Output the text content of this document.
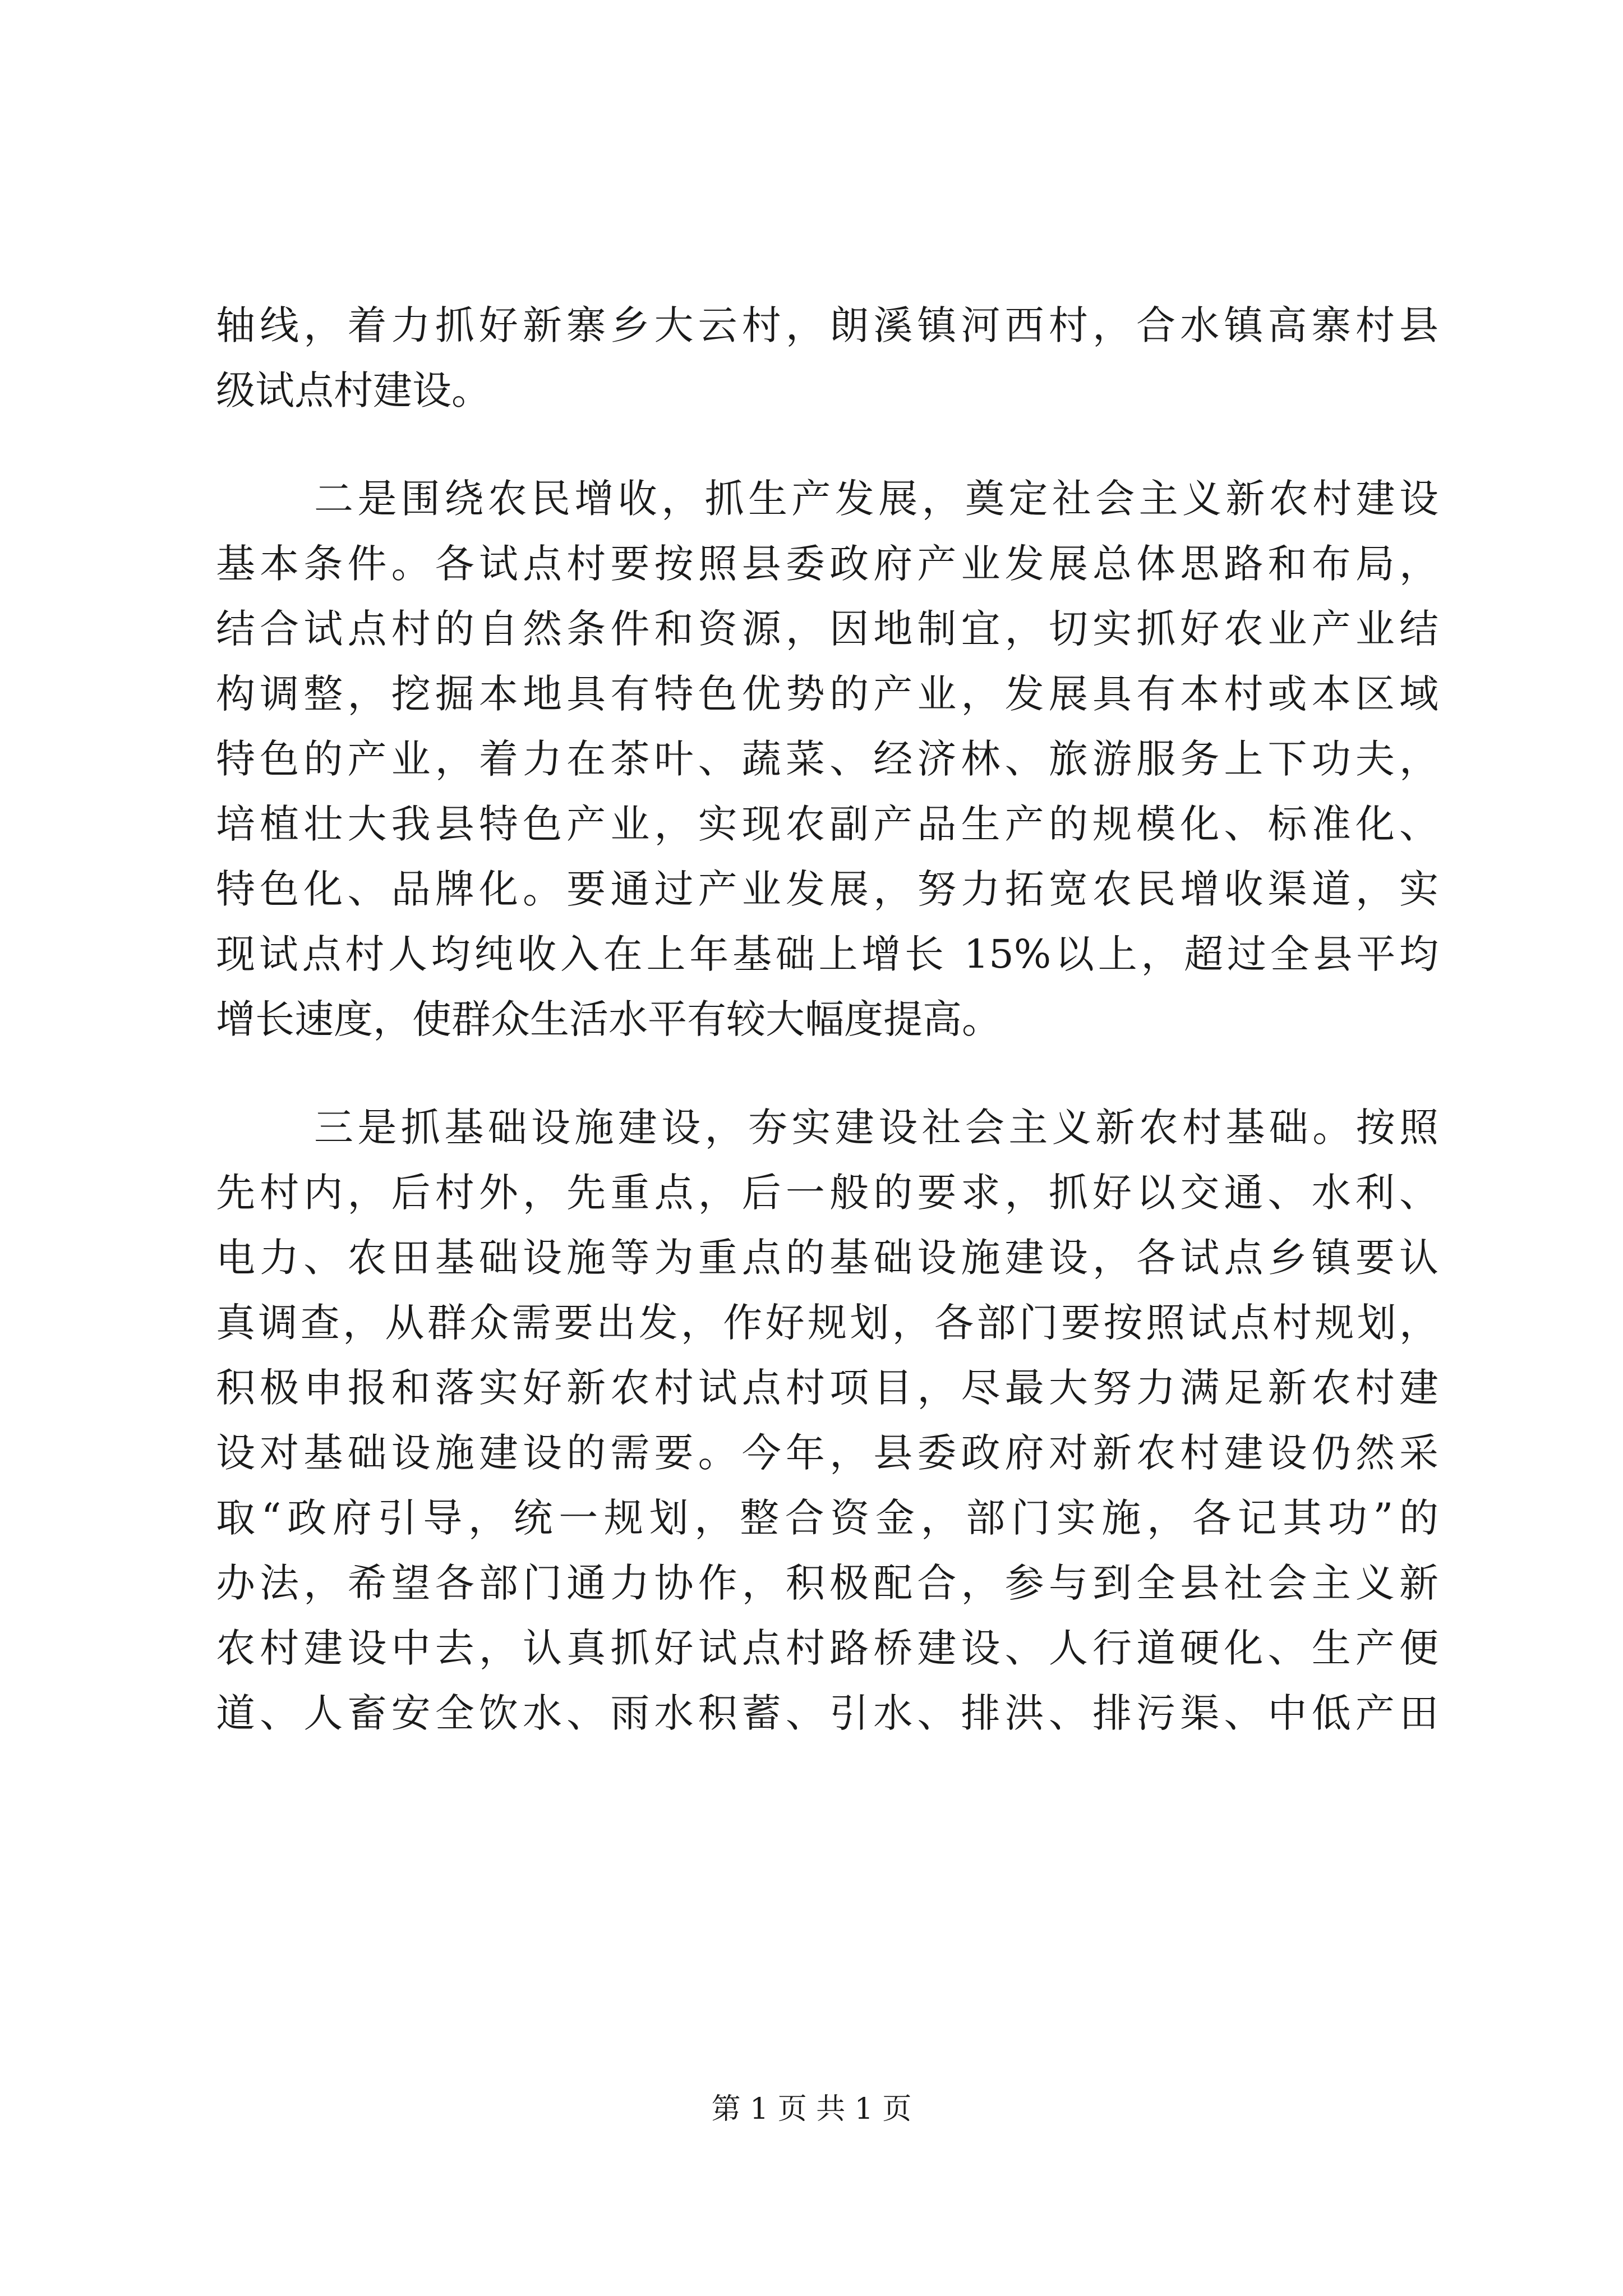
轴线，着力抓好新寨乡大云村，朗溪镇河西村，合水镇高寨村县
级试点村建设。
二是围绕农民增收，抓生产发展，奠定社会主义新农村建设
基本条件。各试点村要按照县委政府产业发展总体思路和布局，
结合试点村的自然条件和资源，因地制宜，切实抓好农业产业结
构调整，挖掘本地具有特色优势的产业，发展具有本村或本区域
特色的产业，着力在茶叶、蔬菜、经济林、旅游服务上下功夫，
培植壮大我县特色产业，实现农副产品生产的规模化、标准化、
特色化、品牌化。要通过产业发展，努力拓宽农民增收渠道，实
现试点村人均纯收入在上年基础上增长 15%以上，超过全县平均
增长速度，使群众生活水平有较大幅度提高。
三是抓基础设施建设，夯实建设社会主义新农村基础。按照
先村内，后村外，先重点，后一般的要求，抓好以交通、水利、
电力、农田基础设施等为重点的基础设施建设，各试点乡镇要认
真调查，从群众需要出发，作好规划，各部门要按照试点村规划，
积极申报和落实好新农村试点村项目，尽最大努力满足新农村建
设对基础设施建设的需要。今年，县委政府对新农村建设仍然采
取“政府引导，统一规划，整合资金，部门实施，各记其功”的
办法，希望各部门通力协作，积极配合，参与到全县社会主义新
农村建设中去，认真抓好试点村路桥建设、人行道硬化、生产便
道、人畜安全饮水、雨水积蓄、引水、排洪、排污渠、中低产田
第 1 页 共 1 页
